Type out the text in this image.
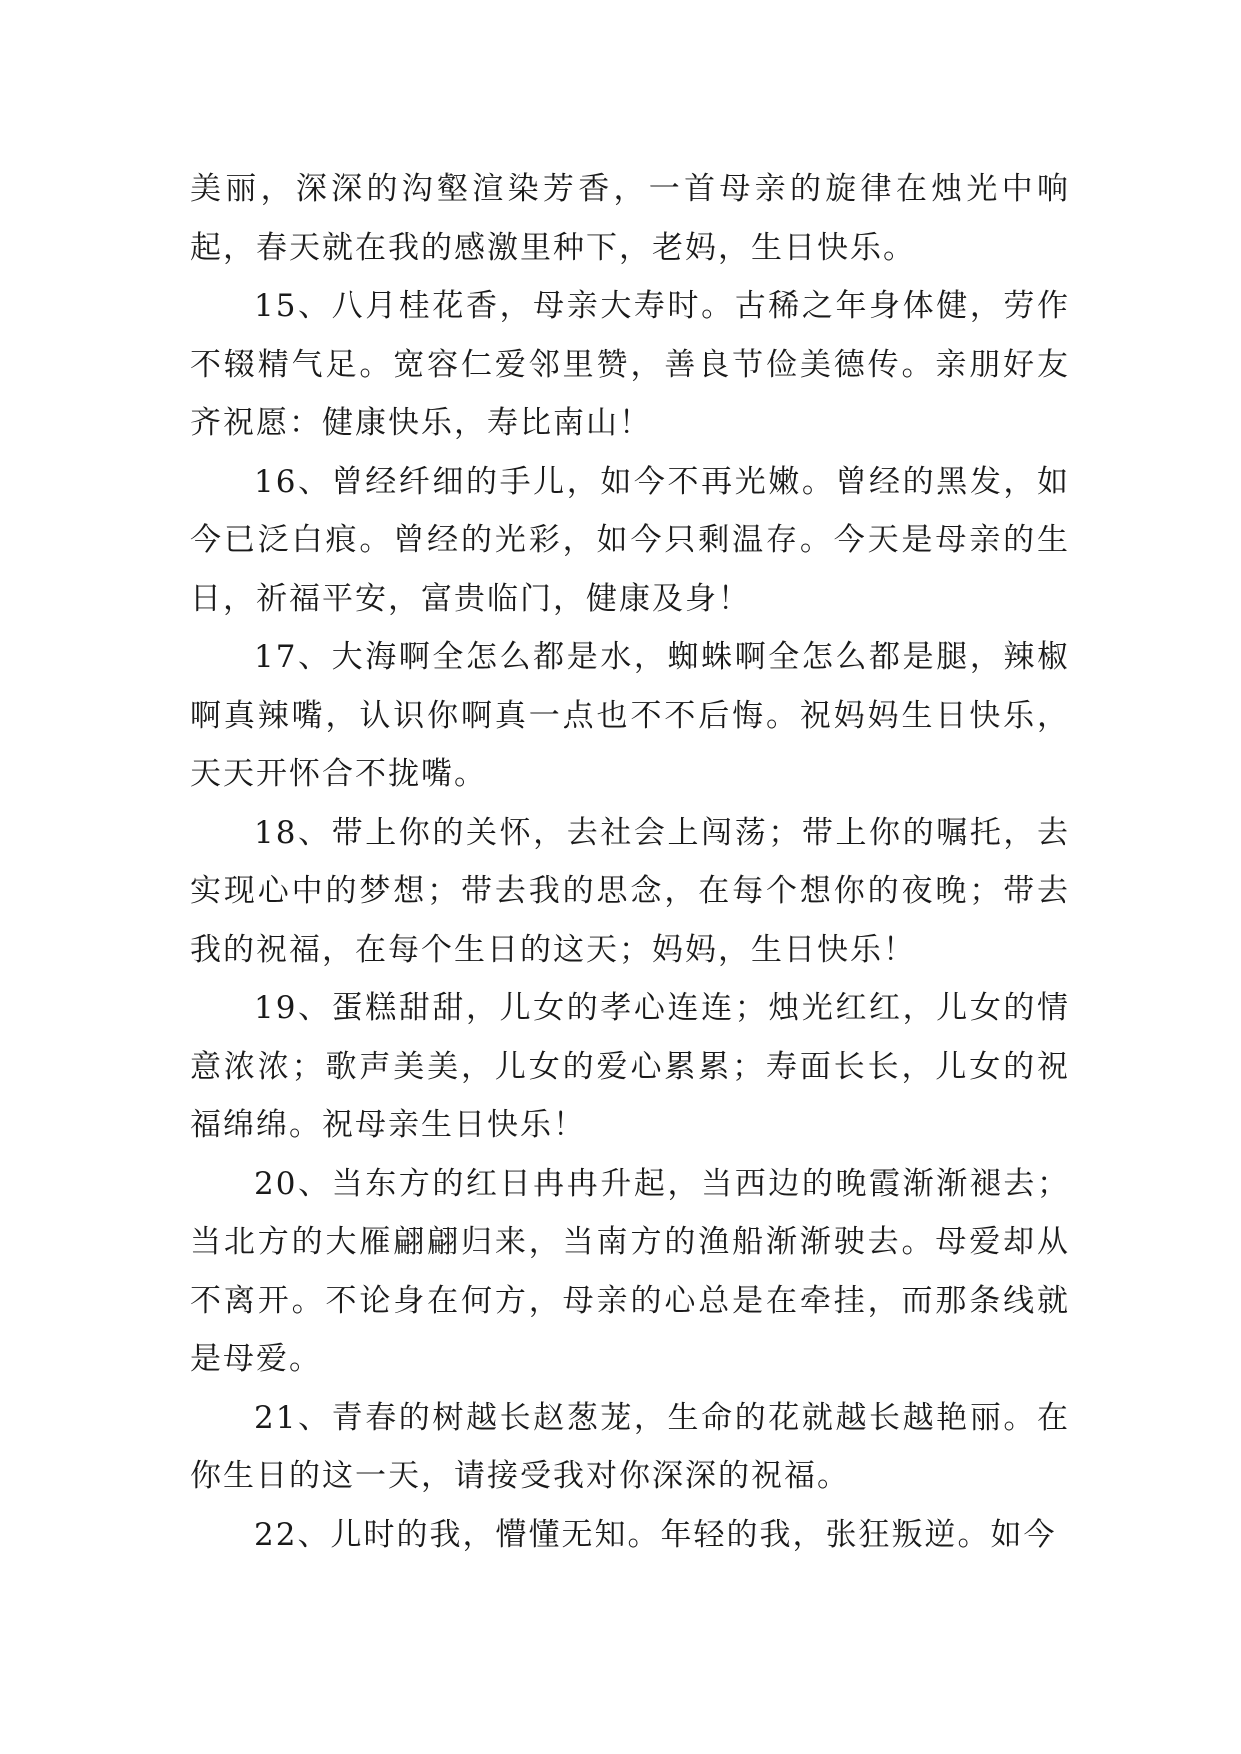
美丽，深深的沟壑渲染芳香，一首母亲的旋律在烛光中响起，春天就在我的感激里种下，老妈，生日快乐。

15、八月桂花香，母亲大寿时。古稀之年身体健，劳作不辍精气足。宽容仁爱邻里赞，善良节俭美德传。亲朋好友齐祝愿：健康快乐，寿比南山！

16、曾经纤细的手儿，如今不再光嫩。曾经的黑发，如今已泛白痕。曾经的光彩，如今只剩温存。今天是母亲的生日，祈福平安，富贵临门，健康及身！

17、大海啊全怎么都是水，蜘蛛啊全怎么都是腿，辣椒啊真辣嘴，认识你啊真一点也不不后悔。祝妈妈生日快乐，天天开怀合不拢嘴。

18、带上你的关怀，去社会上闯荡；带上你的嘱托，去实现心中的梦想；带去我的思念，在每个想你的夜晚；带去我的祝福，在每个生日的这天；妈妈，生日快乐！

19、蛋糕甜甜，儿女的孝心连连；烛光红红，儿女的情意浓浓；歌声美美，儿女的爱心累累；寿面长长，儿女的祝福绵绵。祝母亲生日快乐！

20、当东方的红日冉冉升起，当西边的晚霞渐渐褪去；当北方的大雁翩翩归来，当南方的渔船渐渐驶去。母爱却从不离开。不论身在何方，母亲的心总是在牵挂，而那条线就是母爱。

21、青春的树越长赵葱茏，生命的花就越长越艳丽。在你生日的这一天，请接受我对你深深的祝福。

22、儿时的我，懵懂无知。年轻的我，张狂叛逆。如今
